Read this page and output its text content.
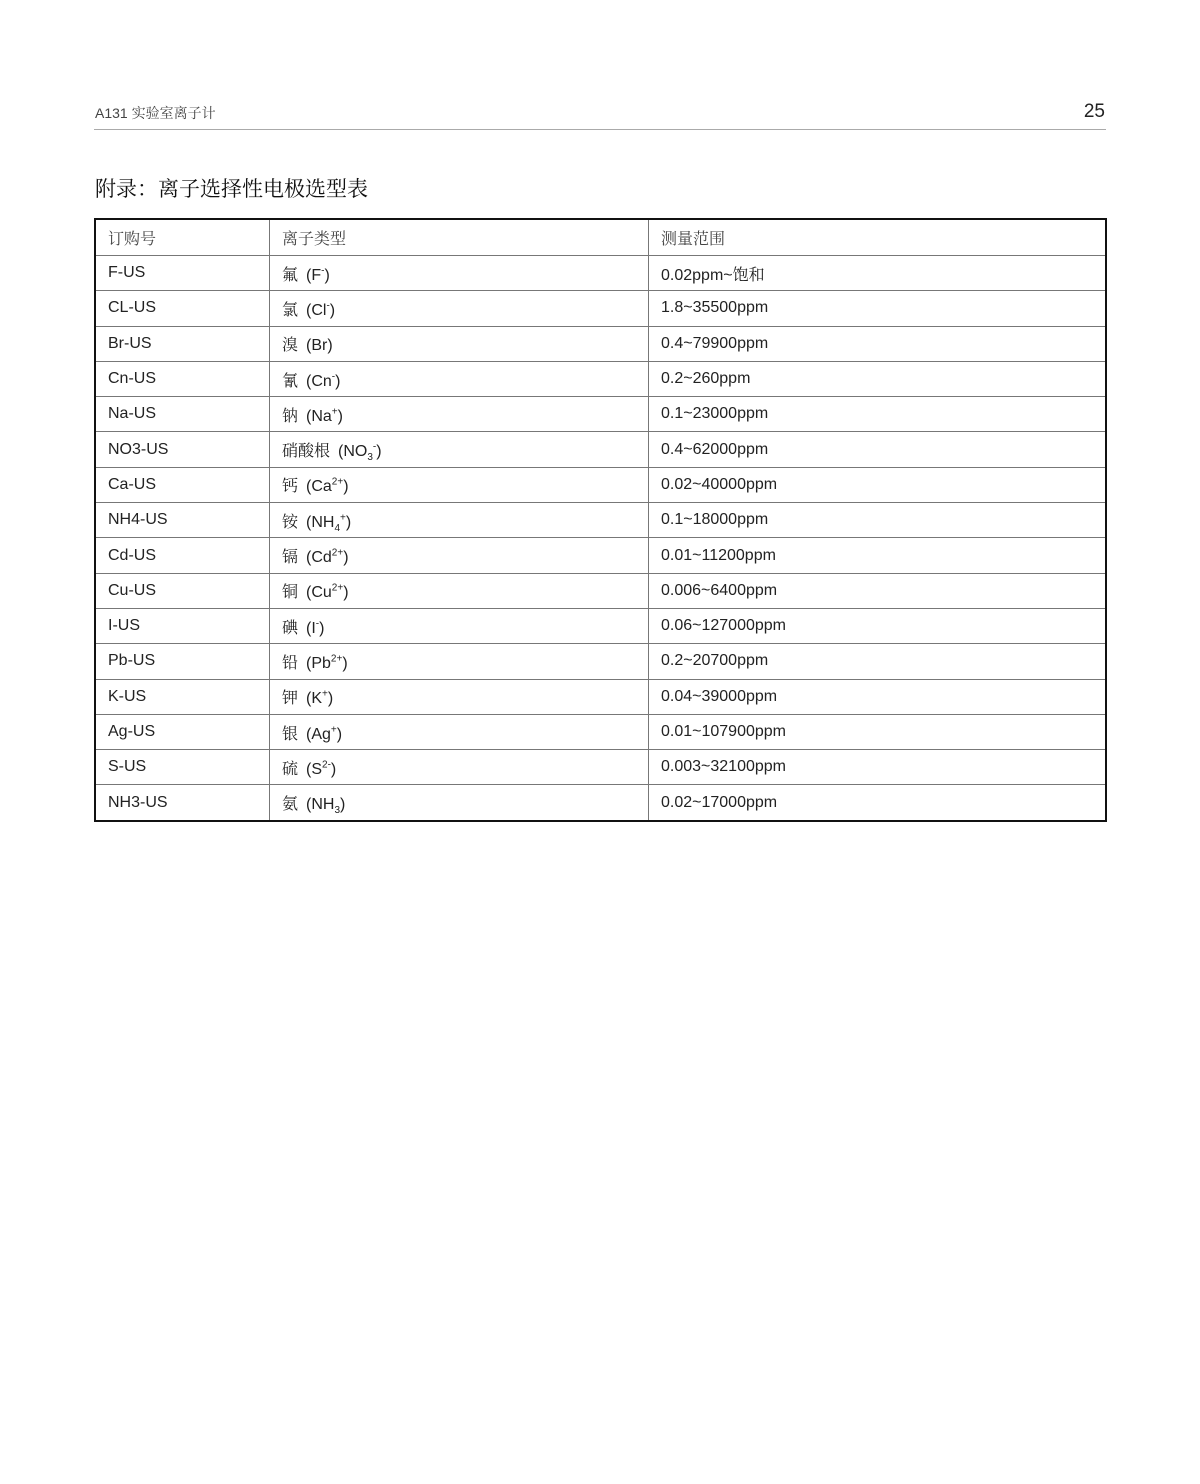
A131 实验室离子计	25
附录：离子选择性电极选型表
订购号	离子类型	测量范围
F-US	氟 (F-)	0.02ppm~饱和
CL-US	氯 (Cl-)	1.8~35500ppm
Br-US	溴 (Br)	0.4~79900ppm
Cn-US	氰 (Cn-)	0.2~260ppm
Na-US	钠 (Na+)	0.1~23000ppm
NO3-US	硝酸根 $(NO_3^-)$	0.4~62000ppm
Ca-US	钙 $(Ca^{2+})$	0.02~40000ppm
NH4-US	铵 $(NH_4^+)$	0.1~18000ppm
Cd-US	镉 $(Cd^{2+})$	0.01~11200ppm
Cu-US	铜 $(Cu^{2+})$	0.006~6400ppm
I-US	碘 (I-)	0.06~127000ppm
Pb-US	铅 $(Pb^{2+})$	0.2~20700ppm
K-US	钾 (K+)	0.04~39000ppm
Ag-US	银 (Ag+)	0.01~107900ppm
S-US	硫 $(S^{2-})$	0.003~32100ppm
NH3-US	氨 $(NH_3)$	0.02~17000ppm
